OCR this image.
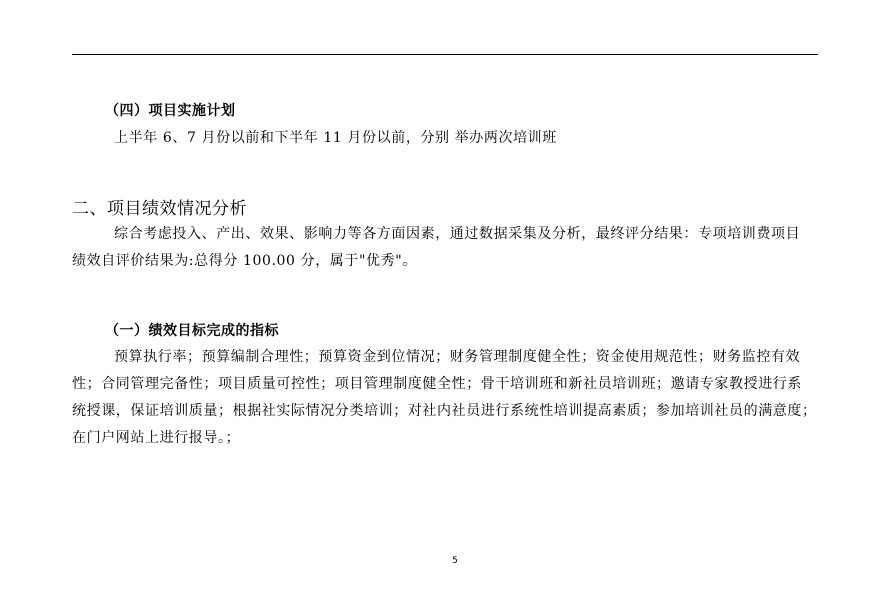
（四）项目实施计划
上半年 6、7 月份以前和下半年 11 月份以前，分别 举办两次培训班
二、项目绩效情况分析
综合考虑投入、产出、效果、影响力等各方面因素，通过数据采集及分析，最终评分结果：专项培训费项目
绩效自评价结果为:总得分 100.00 分，属于"优秀"。
（一）绩效目标完成的指标
预算执行率；预算编制合理性；预算资金到位情况；财务管理制度健全性；资金使用规范性；财务监控有效
性；合同管理完备性；项目质量可控性；项目管理制度健全性；骨干培训班和新社员培训班；邀请专家教授进行系
统授课，保证培训质量；根据社实际情况分类培训；对社内社员进行系统性培训提高素质；参加培训社员的满意度；
在门户网站上进行报导。；
5
